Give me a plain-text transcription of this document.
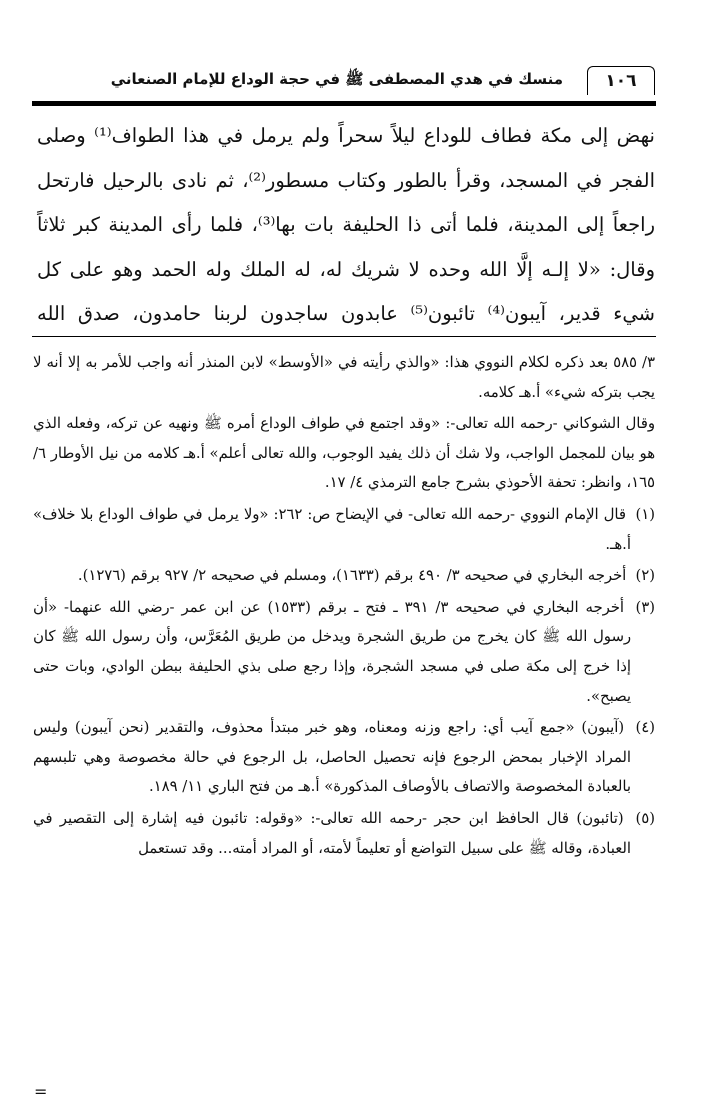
١٠٦
منسك في هدي المصطفى ﷺ في حجة الوداع للإمام الصنعاني

نهض إلى مكة فطاف للوداع ليلاً سحراً ولم يرمل في هذا الطواف⁽¹⁾ وصلى الفجر في المسجد، وقرأ بالطور وكتاب مسطور⁽²⁾، ثم نادى بالرحيل فارتحل راجعاً إلى المدينة، فلما أتى ذا الحليفة بات بها⁽³⁾، فلما رأى المدينة كبر ثلاثاً وقال: «لا إلـه إلَّا الله وحده لا شريك له، له الملك وله الحمد وهو على كل شيء قدير، آيبون⁽⁴⁾ تائبون⁽⁵⁾ عابدون ساجدون لربنا حامدون، صدق الله

٣/ ٥٨٥ بعد ذكره لكلام النووي هذا: «والذي رأيته في «الأوسط» لابن المنذر أنه واجب للأمر به إلا أنه لا يجب بتركه شيء» أ.هـ كلامه.

وقال الشوكاني -رحمه الله تعالى-: «وقد اجتمع في طواف الوداع أمره ﷺ ونهيه عن تركه، وفعله الذي هو بيان للمجمل الواجب، ولا شك أن ذلك يفيد الوجوب، والله تعالى أعلم» أ.هـ كلامه من نيل الأوطار ٦/ ١٦٥، وانظر: تحفة الأحوذي بشرح جامع الترمذي ٤/ ١٧.

(١) قال الإمام النووي -رحمه الله تعالى- في الإيضاح ص: ٢٦٢: «ولا يرمل في طواف الوداع بلا خلاف» أ.هـ.

(٢) أخرجه البخاري في صحيحه ٣/ ٤٩٠ برقم (١٦٣٣)، ومسلم في صحيحه ٢/ ٩٢٧ برقم (١٢٧٦).

(٣) أخرجه البخاري في صحيحه ٣/ ٣٩١ ـ فتح ـ برقم (١٥٣٣) عن ابن عمر -رضي الله عنهما- «أن رسول الله ﷺ كان يخرج من طريق الشجرة ويدخل من طريق المُعَرَّس، وأن رسول الله ﷺ كان إذا خرج إلى مكة صلى في مسجد الشجرة، وإذا رجع صلى بذي الحليفة ببطن الوادي، وبات حتى يصبح».

(٤) (آيبون) «جمع آيب أي: راجع وزنه ومعناه، وهو خبر مبتدأ محذوف، والتقدير (نحن آيبون) وليس المراد الإخبار بمحض الرجوع فإنه تحصيل الحاصل، بل الرجوع في حالة مخصوصة وهي تلبسهم بالعبادة المخصوصة والاتصاف بالأوصاف المذكورة» أ.هـ من فتح الباري ١١/ ١٨٩.

(٥) (تائبون) قال الحافظ ابن حجر -رحمه الله تعالى-: «وقوله: تائبون فيه إشارة إلى التقصير في العبادة، وقاله ﷺ على سبيل التواضع أو تعليماً لأمته، أو المراد أمته... وقد تستعمل

=
